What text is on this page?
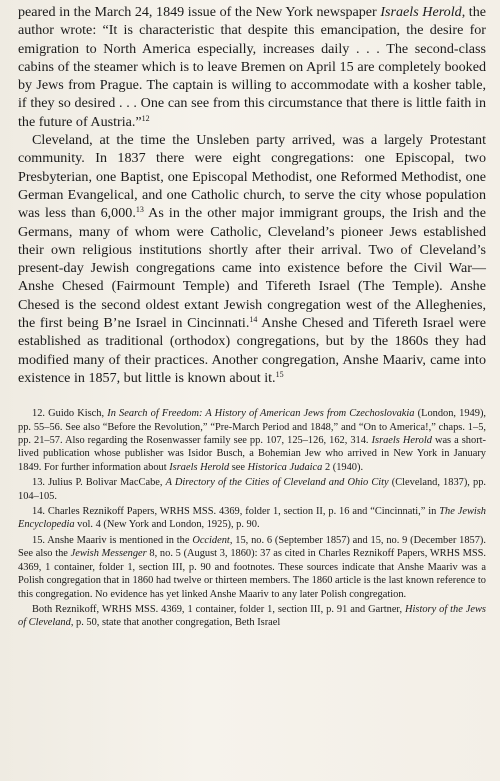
peared in the March 24, 1849 issue of the New York newspaper Israels Herold, the author wrote: “It is characteristic that despite this emancipation, the desire for emigration to North America especially, increases daily . . . The second-class cabins of the steamer which is to leave Bremen on April 15 are completely booked by Jews from Prague. The captain is willing to accommodate with a kosher table, if they so desired . . . One can see from this circumstance that there is little faith in the future of Austria.”$^{12}$

Cleveland, at the time the Unsleben party arrived, was a largely Protestant community. In 1837 there were eight congregations: one Episcopal, two Presbyterian, one Baptist, one Episcopal Methodist, one Reformed Methodist, one German Evangelical, and one Catholic church, to serve the city whose population was less than 6,000.13 As in the other major immigrant groups, the Irish and the Germans, many of whom were Catholic, Cleveland’s pioneer Jews established their own religious institutions shortly after their arrival. Two of Cleveland’s present-day Jewish congregations came into existence before the Civil War—Anshe Chesed (Fairmount Temple) and Tifereth Israel (The Temple). Anshe Chesed is the second oldest extant Jewish congregation west of the Alleghenies, the first being B’ne Israel in Cincinnati.$^{14}$ Anshe Chesed and Tifereth Israel were established as traditional (orthodox) congregations, but by the 1860s they had modified many of their practices. Another congregation, Anshe Maariv, came into existence in 1857, but little is known about it.$^{15}$

12. Guido Kisch, In Search of Freedom: A History of American Jews from Czechoslovakia (London, 1949), pp. 55–56. See also “Before the Revolution,” “Pre-March Period and 1848,” and “On to America!,” chaps. 1–5, pp. 21–57. Also regarding the Rosenwasser family see pp. 107, 125–126, 162, 314. Israels Herold was a short-lived publication whose publisher was Isidor Busch, a Bohemian Jew who arrived in New York in January 1849. For further information about Israels Herold see Historica Judaica 2 (1940).

13. Julius P. Bolivar MacCabe, A Directory of the Cities of Cleveland and Ohio City (Cleveland, 1837), pp. 104–105.

14. Charles Reznikoff Papers, WRHS MSS. 4369, folder 1, section II, p. 16 and “Cincinnati,” in The Jewish Encyclopedia vol. 4 (New York and London, 1925), p. 90.

15. Anshe Maariv is mentioned in the Occident, 15, no. 6 (September 1857) and 15, no. 9 (December 1857). See also the Jewish Messenger 8, no. 5 (August 3, 1860): 37 as cited in Charles Reznikoff Papers, WRHS MSS. 4369, 1 container, folder 1, section III, p. 90 and footnotes. These sources indicate that Anshe Maariv was a Polish congregation that in 1860 had twelve or thirteen members. The 1860 article is the last known reference to this congregation. No evidence has yet linked Anshe Maariv to any later Polish congregation.

Both Reznikoff, WRHS MSS. 4369, 1 container, folder 1, section III, p. 91 and Gartner, History of the Jews of Cleveland, p. 50, state that another congregation, Beth Israel
